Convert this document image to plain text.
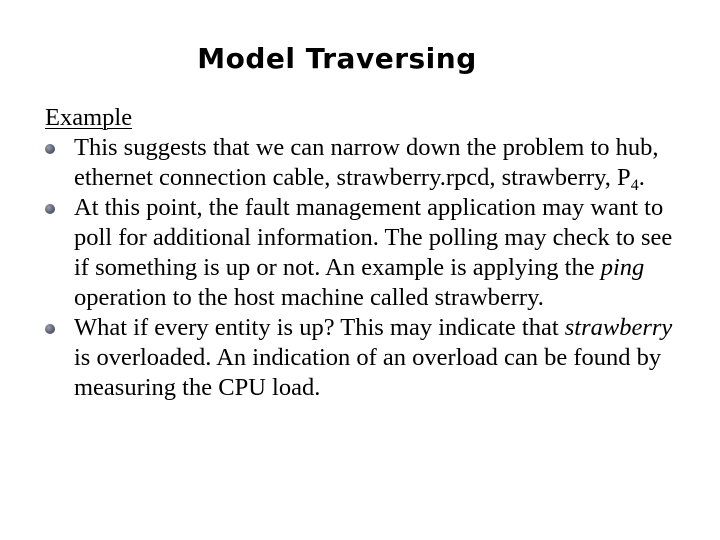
Model Traversing
Example
This suggests that we can narrow down the problem to hub, ethernet connection cable, strawberry.rpcd, strawberry, $P_4$.
At this point, the fault management application may want to poll for additional information. The polling may check to see if something is up or not. An example is applying the ping operation to the host machine called strawberry.
What if every entity is up? This may indicate that strawberry is overloaded. An indication of an overload can be found by measuring the CPU load.
